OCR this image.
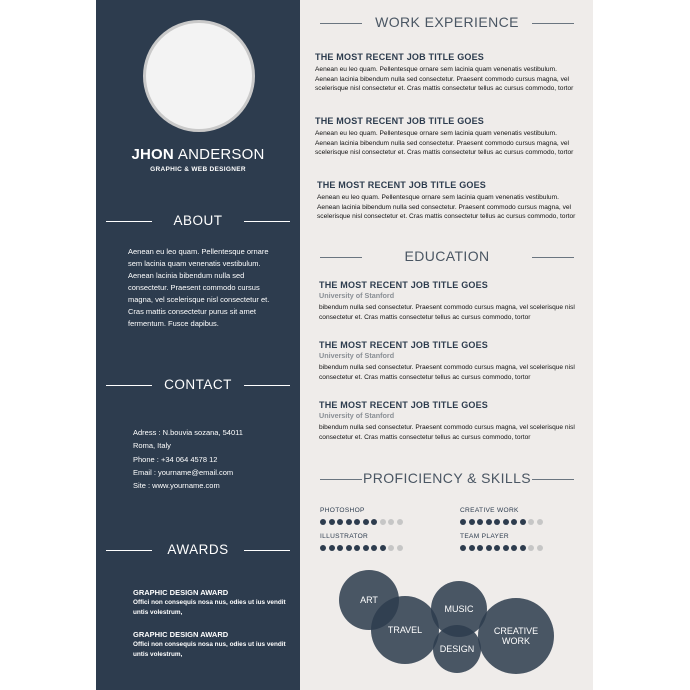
JHON ANDERSON
GRAPHIC & WEB DESIGNER
ABOUT
Aenean eu leo quam. Pellentesque ornare sem lacinia quam venenatis vestibulum. Aenean lacinia bibendum nulla sed consectetur. Praesent commodo cursus magna, vel scelerisque nisl consectetur et. Cras mattis consectetur purus sit amet fermentum. Fusce dapibus.
CONTACT
Adress : N.bouvia sozana, 54011
Roma, Italy
Phone : +34 064 4578 12
Email : yourname@email.com
Site : www.yourname.com
AWARDS
GRAPHIC DESIGN AWARD
Offici non consequis nosa nus, odies ut ius vendit untis volestrum,
GRAPHIC DESIGN AWARD
Offici non consequis nosa nus, odies ut ius vendit untis volestrum,
WORK EXPERIENCE
THE MOST RECENT JOB TITLE GOES
Aenean eu leo quam. Pellentesque ornare sem lacinia quam venenatis vestibulum. Aenean lacinia bibendum nulla sed consectetur. Praesent commodo cursus magna, vel scelerisque nisl consectetur et. Cras mattis consectetur tellus ac cursus commodo, tortor
THE MOST RECENT JOB TITLE GOES
Aenean eu leo quam. Pellentesque ornare sem lacinia quam venenatis vestibulum. Aenean lacinia bibendum nulla sed consectetur. Praesent commodo cursus magna, vel scelerisque nisl consectetur et. Cras mattis consectetur tellus ac cursus commodo, tortor
THE MOST RECENT JOB TITLE GOES
Aenean eu leo quam. Pellentesque ornare sem lacinia quam venenatis vestibulum. Aenean lacinia bibendum nulla sed consectetur. Praesent commodo cursus magna, vel scelerisque nisl consectetur et. Cras mattis consectetur tellus ac cursus commodo, tortor
EDUCATION
THE MOST RECENT JOB TITLE GOES
University of Stanford
bibendum nulla sed consectetur. Praesent commodo cursus magna, vel scelerisque nisl consectetur et. Cras mattis consectetur tellus ac cursus commodo, tortor
THE MOST RECENT JOB TITLE GOES
University of Stanford
bibendum nulla sed consectetur. Praesent commodo cursus magna, vel scelerisque nisl consectetur et. Cras mattis consectetur tellus ac cursus commodo, tortor
THE MOST RECENT JOB TITLE GOES
University of Stanford
bibendum nulla sed consectetur. Praesent commodo cursus magna, vel scelerisque nisl consectetur et. Cras mattis consectetur tellus ac cursus commodo, tortor
PROFICIENCY & SKILLS
PHOTOSHOP	CREATIVE WORK
ILLUSTRATOR	TEAM PLAYER
ART
TRAVEL
MUSIC
DESIGN
CREATIVE WORK
